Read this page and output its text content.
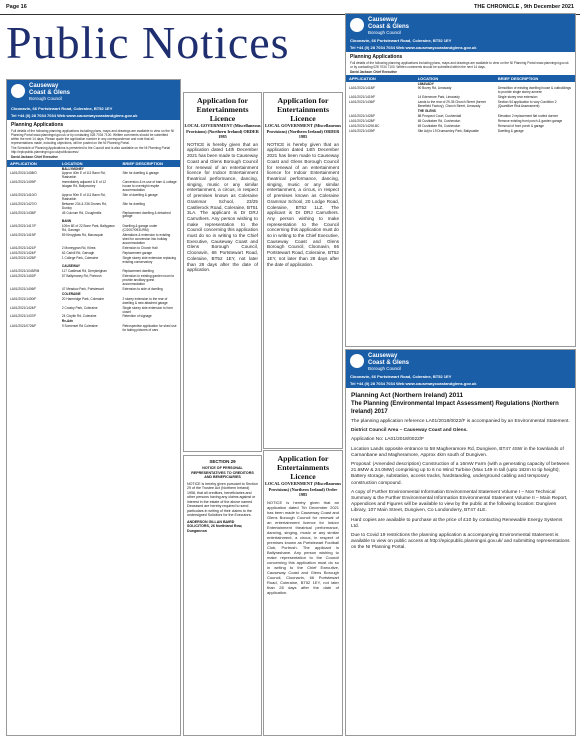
Page 16	THE CHRONICLE , 9th December 2021
Public Notices
Causeway
Coast & Glens
Borough Council
Cloonavin, 66 Portstewart Road, Coleraine, BT52 1EY
Tel +44 (0) 28 7034 7034 Web www.causewaycoastandglens.gov.uk
Planning Applications
Full details of the following planning applications including plans, maps and drawings are available to view on the NI Planning Portal www.planningni.gov.uk or by contacting 028 7034 7100. Written comments should be submitted within the next 14 days. Please quote the application number in any correspondence and note that all representations made, including objections, will be posted on the NI Planning Portal.
The Schedule of Planning Applications is presented to the Council and is also available on the NI Planning Portal http://epicpublic.planningni.gov.uk/publicaccess/
David Jackson Chief Executive
APPLICATION	LOCATION	BRIEF DESCRIPTION
	BALLYMONEY	
LA01/2021/1408/O	Approx 40m E of 111 Bann Rd, Rasharkin	Site for dwelling & garage
LA01/2021/1409/F	Immediately adjacent & E of 12 Islagan Rd, Ballymoney	Conversion & re-use of barn & cottage house to overnight respite accommodation
LA01/2021/1410/O	Approx 90m E of 111 Bann Rd, Rasharkin	Site of dwelling & garage
LA01/2021/1427/O	Between 234 & 236 Drones Rd, Dunloy	Site for dwelling
LA01/2021/1435/F	45 Culcrum Rd, Cloughmills	Replacement dwelling & detached garage
	BANN	
LA01/2021/1417/F	100m 6E of 22 Bone Park, Ballygawn Rd, Garvagh	Dwelling & garage under (C/2007/0931/RM)
LA01/2021/1419/F	59 Kirnyglass Rd, Macosquin	Alterations & extension to existing shed for conversion into holiday accommodation
LA01/2021/1421/F	2 Moneygran Rd, Kilrea	Extension to Church Hall
LA01/2021/1424/F	62 Carhill Rd, Garvagh	Replacement garage
LA01/2021/1425/F	1 College Park, Coleraine	Single storey side extension replacing existing conservatory
	CAUSEWAY	
LA01/2021/1043/RM	117 Castlecat Rd, Derrykeighan	Replacement dwelling
LA01/2021/1402/F	57 Ballymoney Rd, Portrush	Extension to existing garden room to provide ancillary guest accommodation
LA01/2021/1406/F	47 Meadow Park, Portstewart	Extension to side of dwelling
	COLERAINE	
LA01/2021/1400/F	20 Harmridge Park, Coleraine	2 storey extension to the rear of dwelling & new attached garage
LA01/2021/1424/F	2 Crosby Park, Coleraine	Single storey side extension to form closet
LA01/2021/1437/F	24 Cloyfin Rd, Coleraine	Retention of signage
	Re-Adv	
LA01/2021/0726/F	9 Somerset Rd Coleraine	Retrospective application for shed use for taking pictures of cars
Application for Entertainments Licence
LOCAL GOVERNMENT (Miscellaneous Provisions) (Northern Ireland) ORDER 1985
NOTICE is hereby given that an application dated 14th December 2021 has been made to Causeway Coast and Glens Borough Council for renewal of an entertainment licence for Indoor Entertainment theatrical performance, dancing, singing, music or any similar entertainment, a circus, in respect of premises known as Coleraine Grammar School, 23/25 Castlerock Road, Coleraine, BT51 3LA. The applicant is Dr DRJ Carruthers. Any person wishing to make representation to the Council concerning this application must do so in writing to the Chief Executive, Causeway Coast and Glens Borough Council, Cloonavin, 66 Portstewart Road, Coleraine, BT52 1EY, not later than 28 days after the date of application.
Application for Entertainments Licence
LOCAL GOVERNMENT (Miscellaneous Provisions) (Northern Ireland) ORDER 1985
NOTICE is hereby given that an application dated 14th December 2021 has been made to Causeway Coast and Glens Borough Council for renewal of an entertainment licence for Indoor Entertainment theatrical performance, dancing, singing, music or any similar entertainment, a circus, in respect of premises known as Coleraine Grammar School, 20 Lodge Road, Coleraine, BT52 1LZ. The applicant is Dr DRJ Carruthers. Any person wishing to make representation to the Council concerning this application must do so in writing to the Chief Executive, Causeway Coast and Glens Borough Council, Cloonavin, 66 Portstewart Road, Coleraine, BT52 1EY, not later than 28 days after the date of application.
SECTION 29
NOTICE OF PERSONAL REPRESENTATIVES TO CREDITORS AND BENEFICIARIES
NOTICE is hereby given pursuant to Section 29 of the Trustee Act (Northern Ireland) 1958, that all creditors, beneficiaries and other persons having any claims against or interest in the estate of the above named Deceased are hereby required to send particulars in writing of their claims to the undersigned Solicitors for the Executors.
ANDERSON GILLAN BAIRD SOLICITORS, 26 Northland Row, Dungannon
Application for Entertainments Licence
LOCAL GOVERNMENT (Miscellaneous Provisions) (Northern Ireland) Order 1985
NOTICE is hereby given that an application dated 7th December 2021 has been made to Causeway Coast and Glens Borough Council for renewal of an entertainment licence for Indoor Entertainment theatrical performance, dancing, singing, music or any similar entertainment, a circus, in respect of premises known as Portstewart Football Club, Portrush. The applicant is Ballyrashane. Any person wishing to make representation to the Council concerning this application must do so in writing to the Chief Executive, Causeway Coast and Glens Borough Council, Cloonavin, 66 Portstewart Road, Coleraine, BT52 1EY, not later than 28 days after the date of application.
Causeway
Coast & Glens
Borough Council
Cloonavin, 66 Portstewart Road, Coleraine, BT52 1EY
Tel +44 (0) 28 7034 7034 Web www.causewaycoastandglens.gov.uk
Planning Applications
Full details of the following planning applications including plans, maps and drawings are available to view on the NI Planning Portal www.planningni.gov.uk or by contacting 028 7034 7100. Written comments should be submitted within the next 14 days.
David Jackson Chief Executive
APPLICATION	LOCATION	BRIEF DESCRIPTION
	LIMAVADY	
LA01/2021/1418/F	90 Bovey Rd, Limavady	Demolition of existing dwelling house & outbuildings to provide single storey annexe
LA01/2021/1419/F	14 Edenmore Park, Limavady	Single storey rear extension
LA01/2021/1436/F	Lands to the rear of 29-35 Church Street (former Benefield Factory), Church Street, Limavady	Section 54 application to vary Condition 2 (Quantitive Risk Assessment)
	THE GLENS	
LA01/2021/1425/F	88 Prospect Court, Cushendall	Elevation 2 replacement flat roofed dormer
LA01/2021/1428/F	65 Cushlakee Rd, Cushendun	Remove existing front porch & garden garage
LA01/2021/1429/LBC	65 Cushlakee Rd, Cushendun	Removal of front porch & garage
LA01/2021/1439/F	Site Adj to 19 Drumavoley Park, Ballycastle	Dwelling & garage
Causeway
Coast & Glens
Borough Council
Cloonavin, 66 Portstewart Road, Coleraine, BT52 1EY
Tel +44 (0) 28 7034 7034 Web www.causewaycoastandglens.gov.uk
Planning Act (Northern Ireland) 2011
The Planning (Environmental Impact Assessment) Regulations (Northern Ireland) 2017
The planning application reference LA01/2018/0022/F is accompanied by an Environmental Statement.
District Council Area – Causeway Coast and Glens.
Application No: LA01/2018/0022/F
Location Lands opposite entrance to 58 Magheramore Rd, Dungiven, BT47 4SW in the townlands of Carnanbane and Magheramore, Approx 4km south of Dungiven.
Proposal: (Amended description) Construction of a 16mW Farm (with a generating capacity of between 21.6MW & 24.0MW) comprising up to 6 no Wind Turbine (Max 149 m tall (upto 182m to tip height); Battery storage, substation, access tracks, hardstanding, underground cabling and temporary construction compound.
A copy of Further Environmental Information Environmental Statement Volume I – Non Technical Summary & the Further Environmental Information Environmental Statement Volume II – Main Report, Appendices and Figures will be available to view by the public at the following location: Dungiven Library, 107 Main Street, Dungiven, Co Londonderry, BT47 4LE.
Hard copies are available to purchase at the price of £10 by contacting Renewable Energy Systems Ltd.
Due to Covid 19 restrictions the planning application & accompanying Environmental Statement is available to view on public access at http://epicpublic.planningni.gov.uk/ and submitting representations on the NI Planning Portal.
